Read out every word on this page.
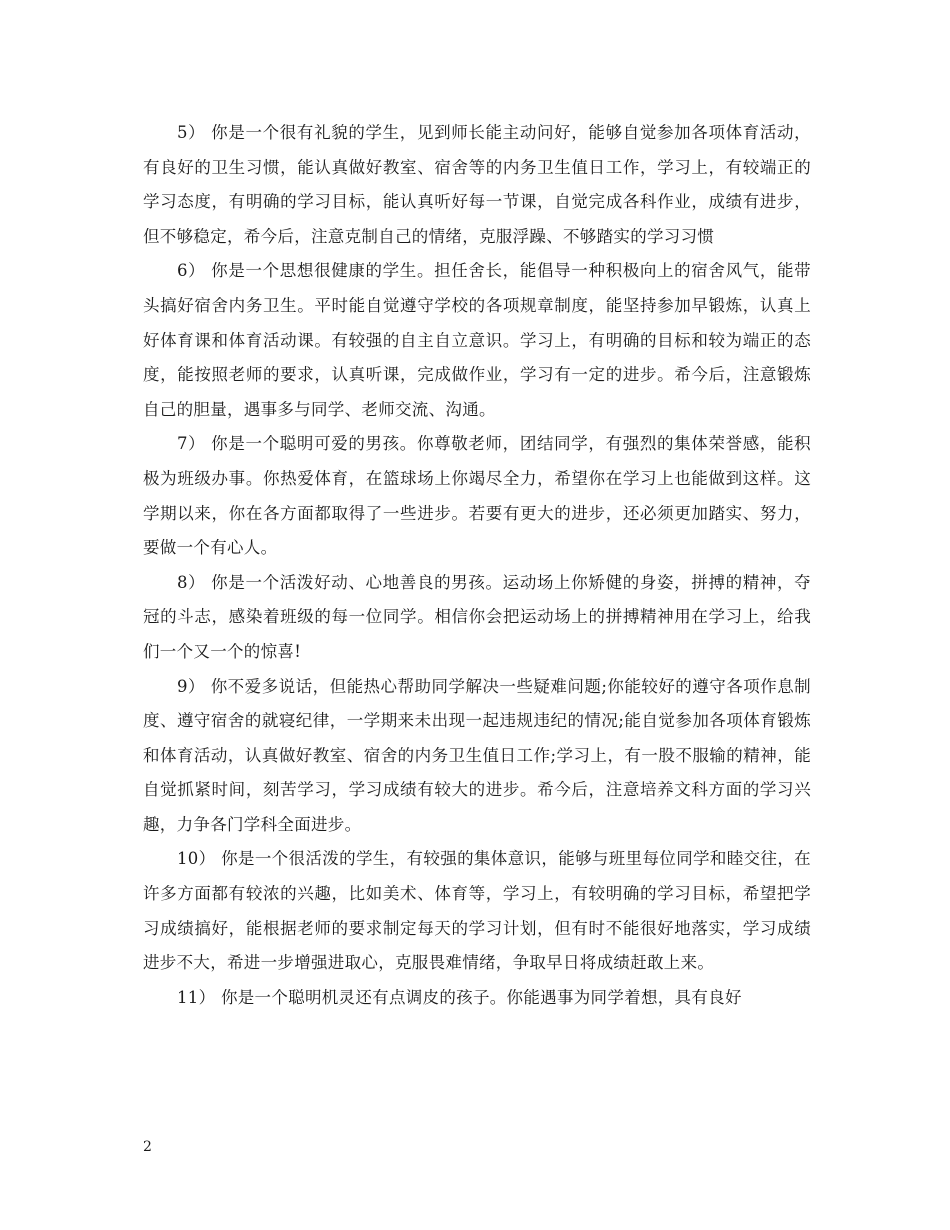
5） 你是一个很有礼貌的学生，见到师长能主动问好，能够自觉参加各项体育活动，有良好的卫生习惯，能认真做好教室、宿舍等的内务卫生值日工作，学习上，有较端正的学习态度，有明确的学习目标，能认真听好每一节课，自觉完成各科作业，成绩有进步，但不够稳定，希今后，注意克制自己的情绪，克服浮躁、不够踏实的学习习惯

6） 你是一个思想很健康的学生。担任舍长，能倡导一种积极向上的宿舍风气，能带头搞好宿舍内务卫生。平时能自觉遵守学校的各项规章制度，能坚持参加早锻炼，认真上好体育课和体育活动课。有较强的自主自立意识。学习上，有明确的目标和较为端正的态度，能按照老师的要求，认真听课，完成做作业，学习有一定的进步。希今后，注意锻炼自己的胆量，遇事多与同学、老师交流、沟通。

7） 你是一个聪明可爱的男孩。你尊敬老师，团结同学，有强烈的集体荣誉感，能积极为班级办事。你热爱体育，在篮球场上你竭尽全力，希望你在学习上也能做到这样。这学期以来，你在各方面都取得了一些进步。若要有更大的进步，还必须更加踏实、努力，要做一个有心人。

8） 你是一个活泼好动、心地善良的男孩。运动场上你矫健的身姿，拼搏的精神，夺冠的斗志，感染着班级的每一位同学。相信你会把运动场上的拼搏精神用在学习上，给我们一个又一个的惊喜!

9） 你不爱多说话，但能热心帮助同学解决一些疑难问题;你能较好的遵守各项作息制度、遵守宿舍的就寝纪律，一学期来未出现一起违规违纪的情况;能自觉参加各项体育锻炼和体育活动，认真做好教室、宿舍的内务卫生值日工作;学习上，有一股不服输的精神，能自觉抓紧时间，刻苦学习，学习成绩有较大的进步。希今后，注意培养文科方面的学习兴趣，力争各门学科全面进步。

10） 你是一个很活泼的学生，有较强的集体意识，能够与班里每位同学和睦交往，在许多方面都有较浓的兴趣，比如美术、体育等，学习上，有较明确的学习目标，希望把学习成绩搞好，能根据老师的要求制定每天的学习计划，但有时不能很好地落实，学习成绩进步不大，希进一步增强进取心，克服畏难情绪，争取早日将成绩赶敢上来。

11） 你是一个聪明机灵还有点调皮的孩子。你能遇事为同学着想，具有良好

2
